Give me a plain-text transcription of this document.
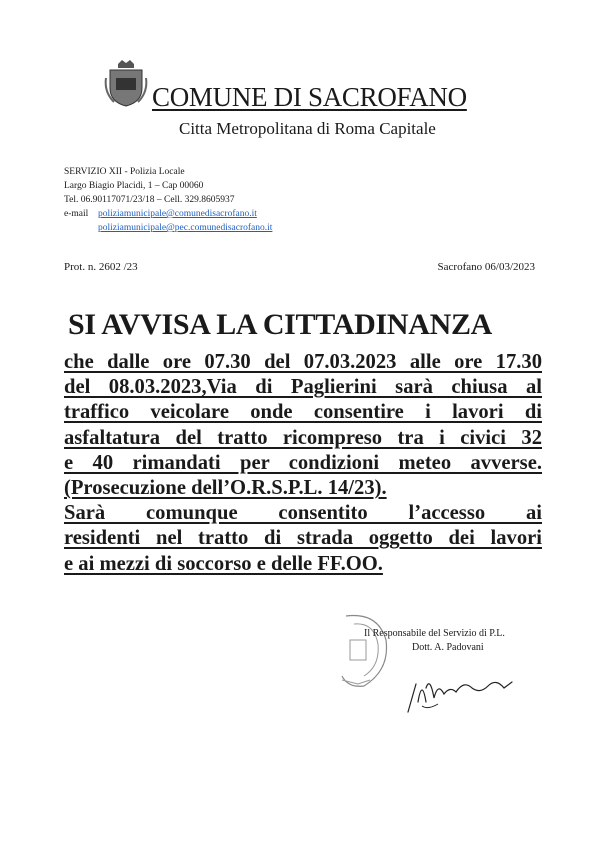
COMUNE DI SACROFANO
Citta Metropolitana di Roma Capitale
SERVIZIO XII - Polizia Locale
Largo Biagio Placidi, 1 – Cap 00060
Tel. 06.90117071/23/18 – Cell. 329.8605937
e-mail poliziamunicipale@comunedisacrofano.it
poliziamunicipale@pec.comunedisacrofano.it
Prot. n. 2602 /23	Sacrofano 06/03/2023
SI AVVISA LA CITTADINANZA
che dalle ore 07.30 del 07.03.2023 alle ore 17.30
del 08.03.2023,Via di Paglierini sarà chiusa al
traffico veicolare onde consentire i lavori di
asfaltatura del tratto ricompreso tra i civici 32
e 40 rimandati per condizioni meteo avverse.
(Prosecuzione dell’O.R.S.P.L. 14/23).
Sarà comunque consentito l’accesso ai
residenti nel tratto di strada oggetto dei lavori
e ai mezzi di soccorso e delle FF.OO.
Il Responsabile del Servizio di P.L.
Dott. A. Padovani
